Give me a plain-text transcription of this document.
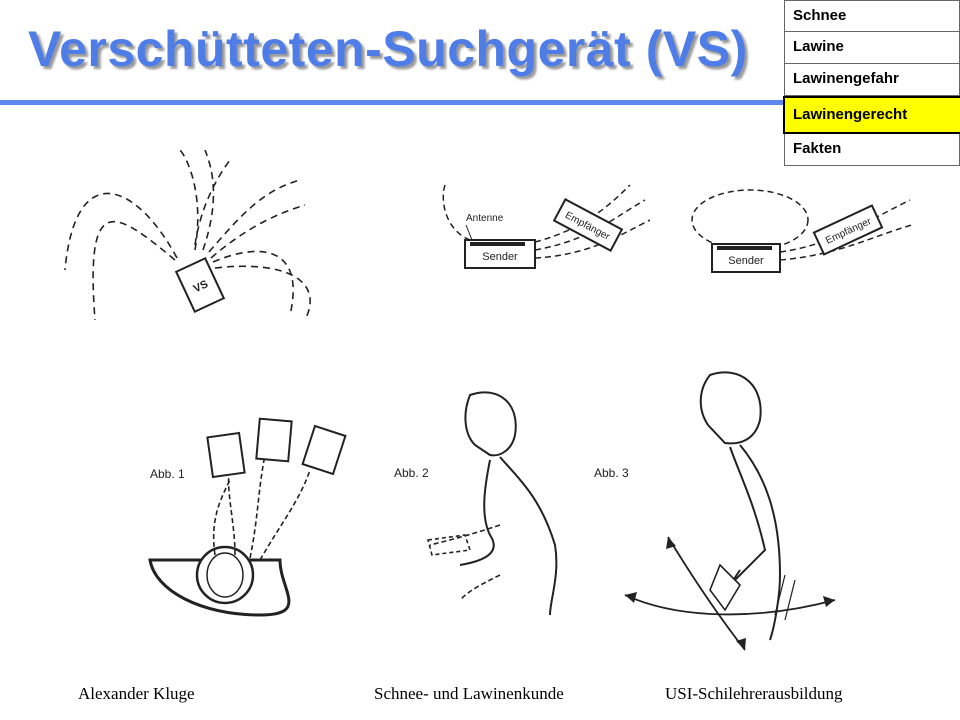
Verschütteten-Suchgerät (VS)
Schnee
Lawine
Lawinengefahr
Lawinengerecht
Fakten
VS
Antenne
Sender
Empfänger
Sender
Empfänger
Abb. 1	Abb. 2	Abb. 3
Alexander Kluge	Schnee- und Lawinenkunde	USI-Schilehrerausbildung
